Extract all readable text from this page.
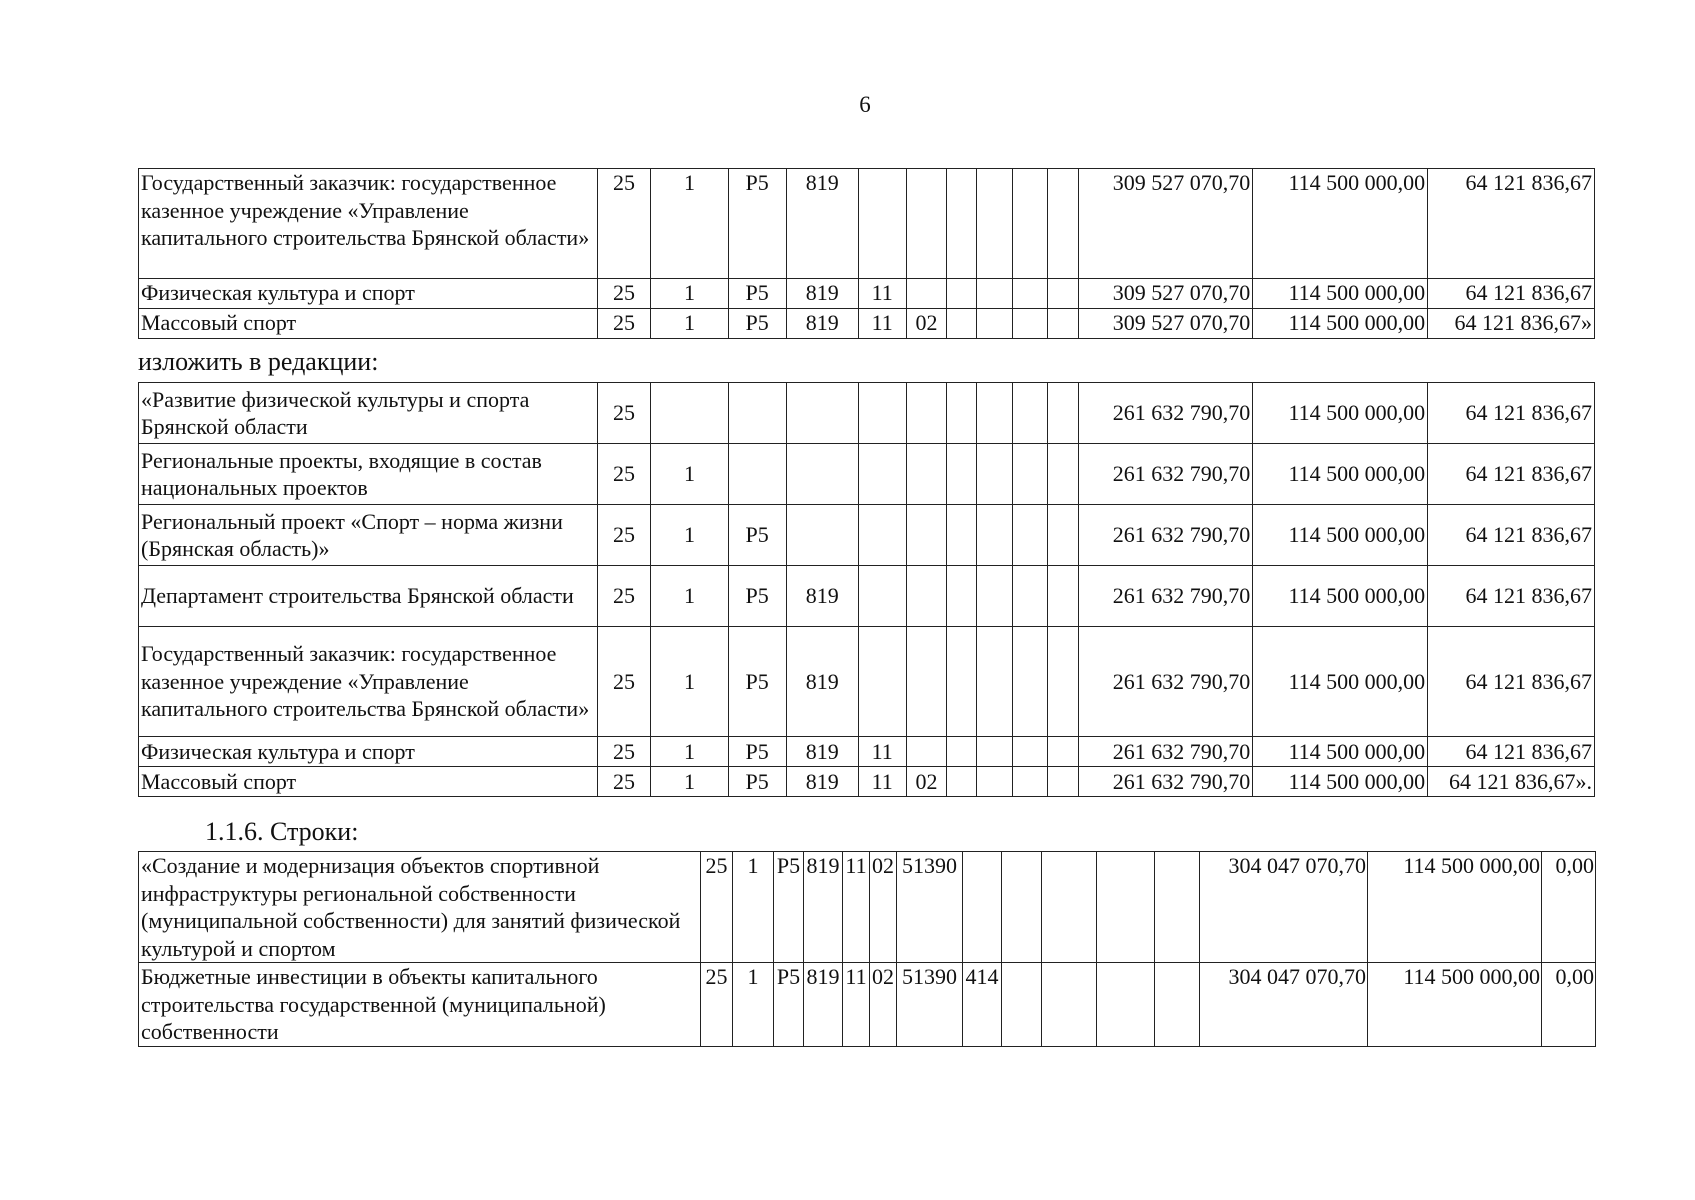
6
Государственный заказчик: государственное казенное учреждение «Управление капитального строительства Брянской области»	25	1	Р5	819							309 527 070,70	114 500 000,00	64 121 836,67
Физическая культура и спорт	25	1	Р5	819	11						309 527 070,70	114 500 000,00	64 121 836,67
Массовый спорт	25	1	Р5	819	11	02					309 527 070,70	114 500 000,00	64 121 836,67»
изложить в редакции:
«Развитие физической культуры и спорта Брянской области	25										261 632 790,70	114 500 000,00	64 121 836,67
Региональные проекты, входящие в состав национальных проектов	25	1									261 632 790,70	114 500 000,00	64 121 836,67
Региональный проект «Спорт – норма жизни (Брянская область)»	25	1	Р5								261 632 790,70	114 500 000,00	64 121 836,67
Департамент строительства Брянской области	25	1	Р5	819							261 632 790,70	114 500 000,00	64 121 836,67
Государственный заказчик: государственное казенное учреждение «Управление капитального строительства Брянской области»	25	1	Р5	819							261 632 790,70	114 500 000,00	64 121 836,67
Физическая культура и спорт	25	1	Р5	819	11						261 632 790,70	114 500 000,00	64 121 836,67
Массовый спорт	25	1	Р5	819	11	02					261 632 790,70	114 500 000,00	64 121 836,67».
1.1.6. Строки:
«Создание и модернизация объектов спортивной инфраструктуры региональной собственности (муниципальной собственности) для занятий физической культурой и спортом	25	1	Р5	819	11	02	51390						304 047 070,70	114 500 000,00	0,00
Бюджетные инвестиции в объекты капитального строительства государственной (муниципальной) собственности	25	1	Р5	819	11	02	51390	414					304 047 070,70	114 500 000,00	0,00
